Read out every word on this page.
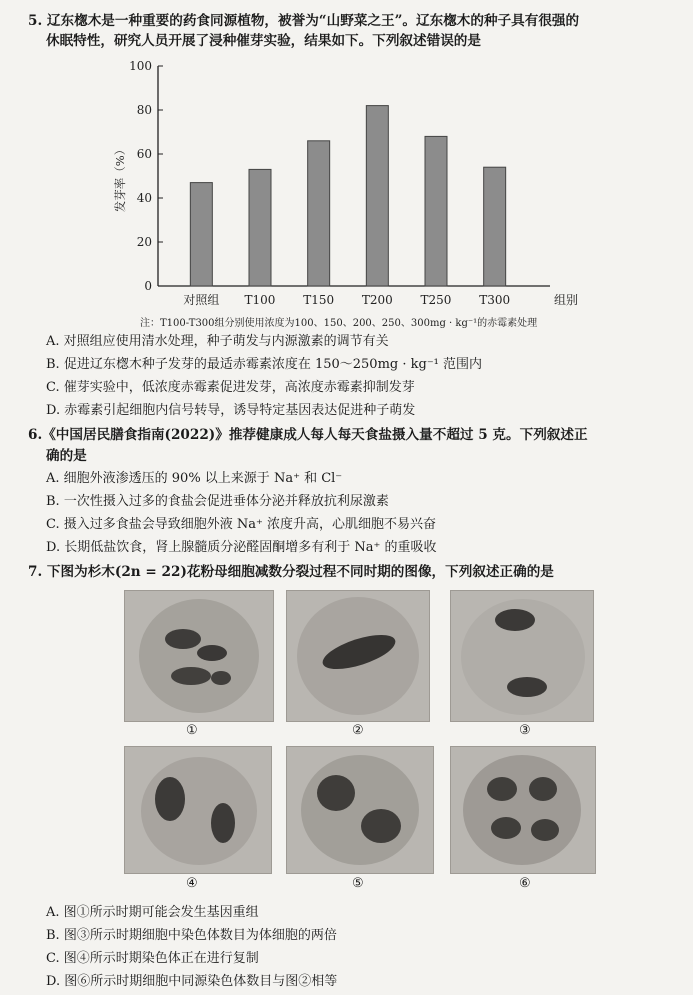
5. 辽东楤木是一种重要的药食同源植物，被誉为“山野菜之王”。辽东楤木的种子具有很强的
休眠特性，研究人员开展了浸种催芽实验，结果如下。下列叙述错误的是
0
20
40
60
80
100
发芽率（%）
对照组 T100 T150 T200 T250 T300	组别
注：T100-T300组分别使用浓度为100、150、200、250、300mg · kg⁻¹的赤霉素处理
A. 对照组应使用清水处理，种子萌发与内源激素的调节有关
B. 促进辽东楤木种子发芽的最适赤霉素浓度在 150～250mg · kg⁻¹ 范围内
C. 催芽实验中，低浓度赤霉素促进发芽，高浓度赤霉素抑制发芽
D. 赤霉素引起细胞内信号转导，诱导特定基因表达促进种子萌发
6.《中国居民膳食指南(2022)》推荐健康成人每人每天食盐摄入量不超过 5 克。下列叙述正
确的是
A. 细胞外液渗透压的 90% 以上来源于 Na⁺ 和 Cl⁻
B. 一次性摄入过多的食盐会促进垂体分泌并释放抗利尿激素
C. 摄入过多食盐会导致细胞外液 Na⁺ 浓度升高，心肌细胞不易兴奋
D. 长期低盐饮食，肾上腺髓质分泌醛固酮增多有利于 Na⁺ 的重吸收
7. 下图为杉木(2n = 22)花粉母细胞减数分裂过程不同时期的图像，下列叙述正确的是
①	②	③
④	⑤	⑥
A. 图①所示时期可能会发生基因重组
B. 图③所示时期细胞中染色体数目为体细胞的两倍
C. 图④所示时期染色体正在进行复制
D. 图⑥所示时期细胞中同源染色体数目与图②相等
